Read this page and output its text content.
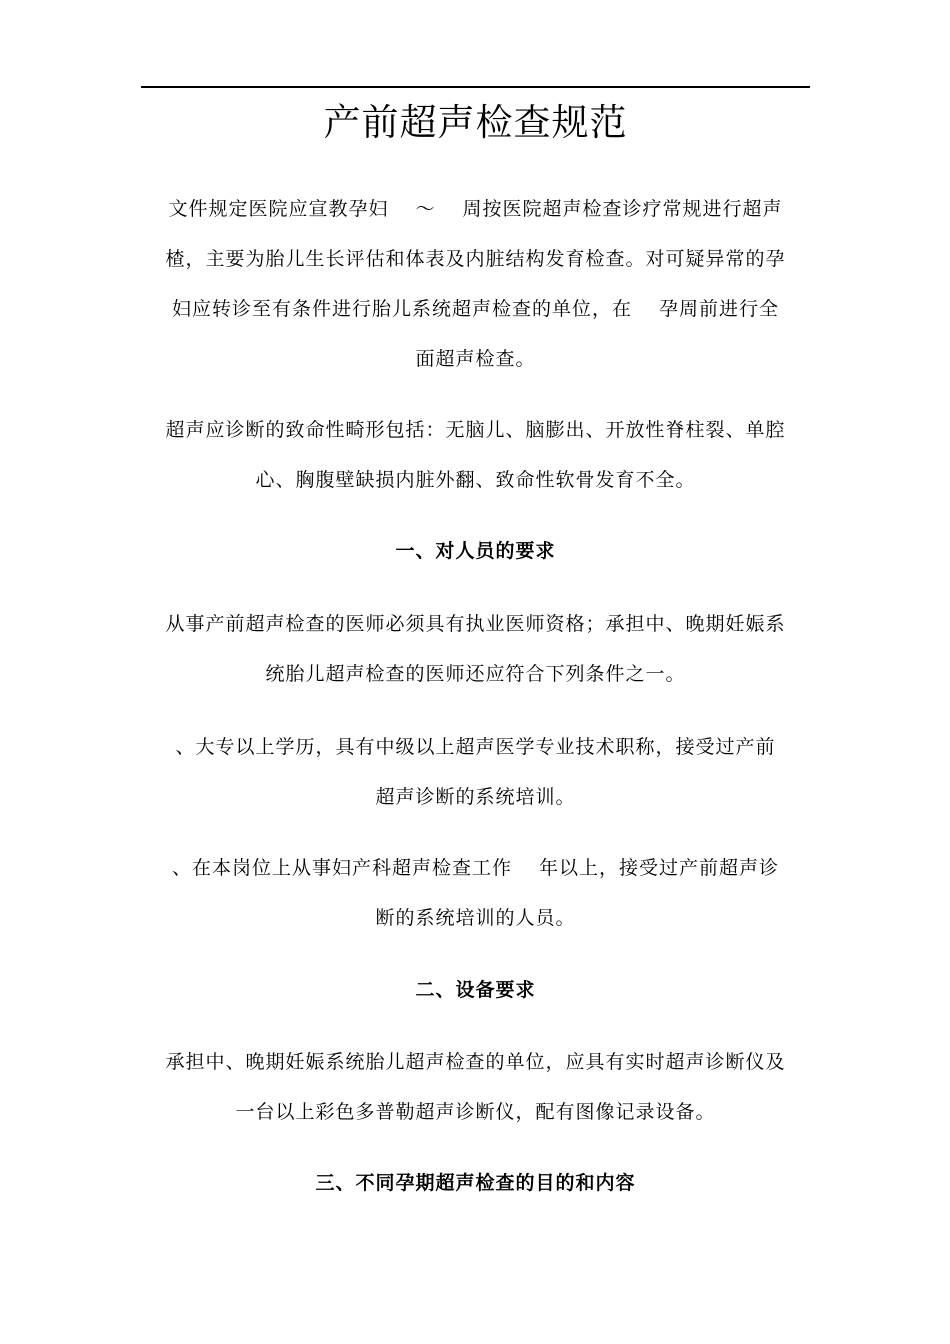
产前超声检查规范

文件规定医院应宣教孕妇　 ～　 周按医院超声检查诊疗常规进行超声
楂，主要为胎儿生长评估和体表及内脏结构发育检查。对可疑异常的孕
妇应转诊至有条件进行胎儿系统超声检查的单位，在　 孕周前进行全
面超声检查。

超声应诊断的致命性畸形包括：无脑儿、脑膨出、开放性脊柱裂、单腔
心、胸腹壁缺损内脏外翻、致命性软骨发育不全。

一、对人员的要求

从事产前超声检查的医师必须具有执业医师资格；承担中、晚期妊娠系
统胎儿超声检查的医师还应符合下列条件之一。

、大专以上学历，具有中级以上超声医学专业技术职称，接受过产前
超声诊断的系统培训。

、在本岗位上从事妇产科超声检查工作　 年以上，接受过产前超声诊
断的系统培训的人员。

二、设备要求

承担中、晚期妊娠系统胎儿超声检查的单位，应具有实时超声诊断仪及
一台以上彩色多普勒超声诊断仪，配有图像记录设备。

三、不同孕期超声检查的目的和内容
